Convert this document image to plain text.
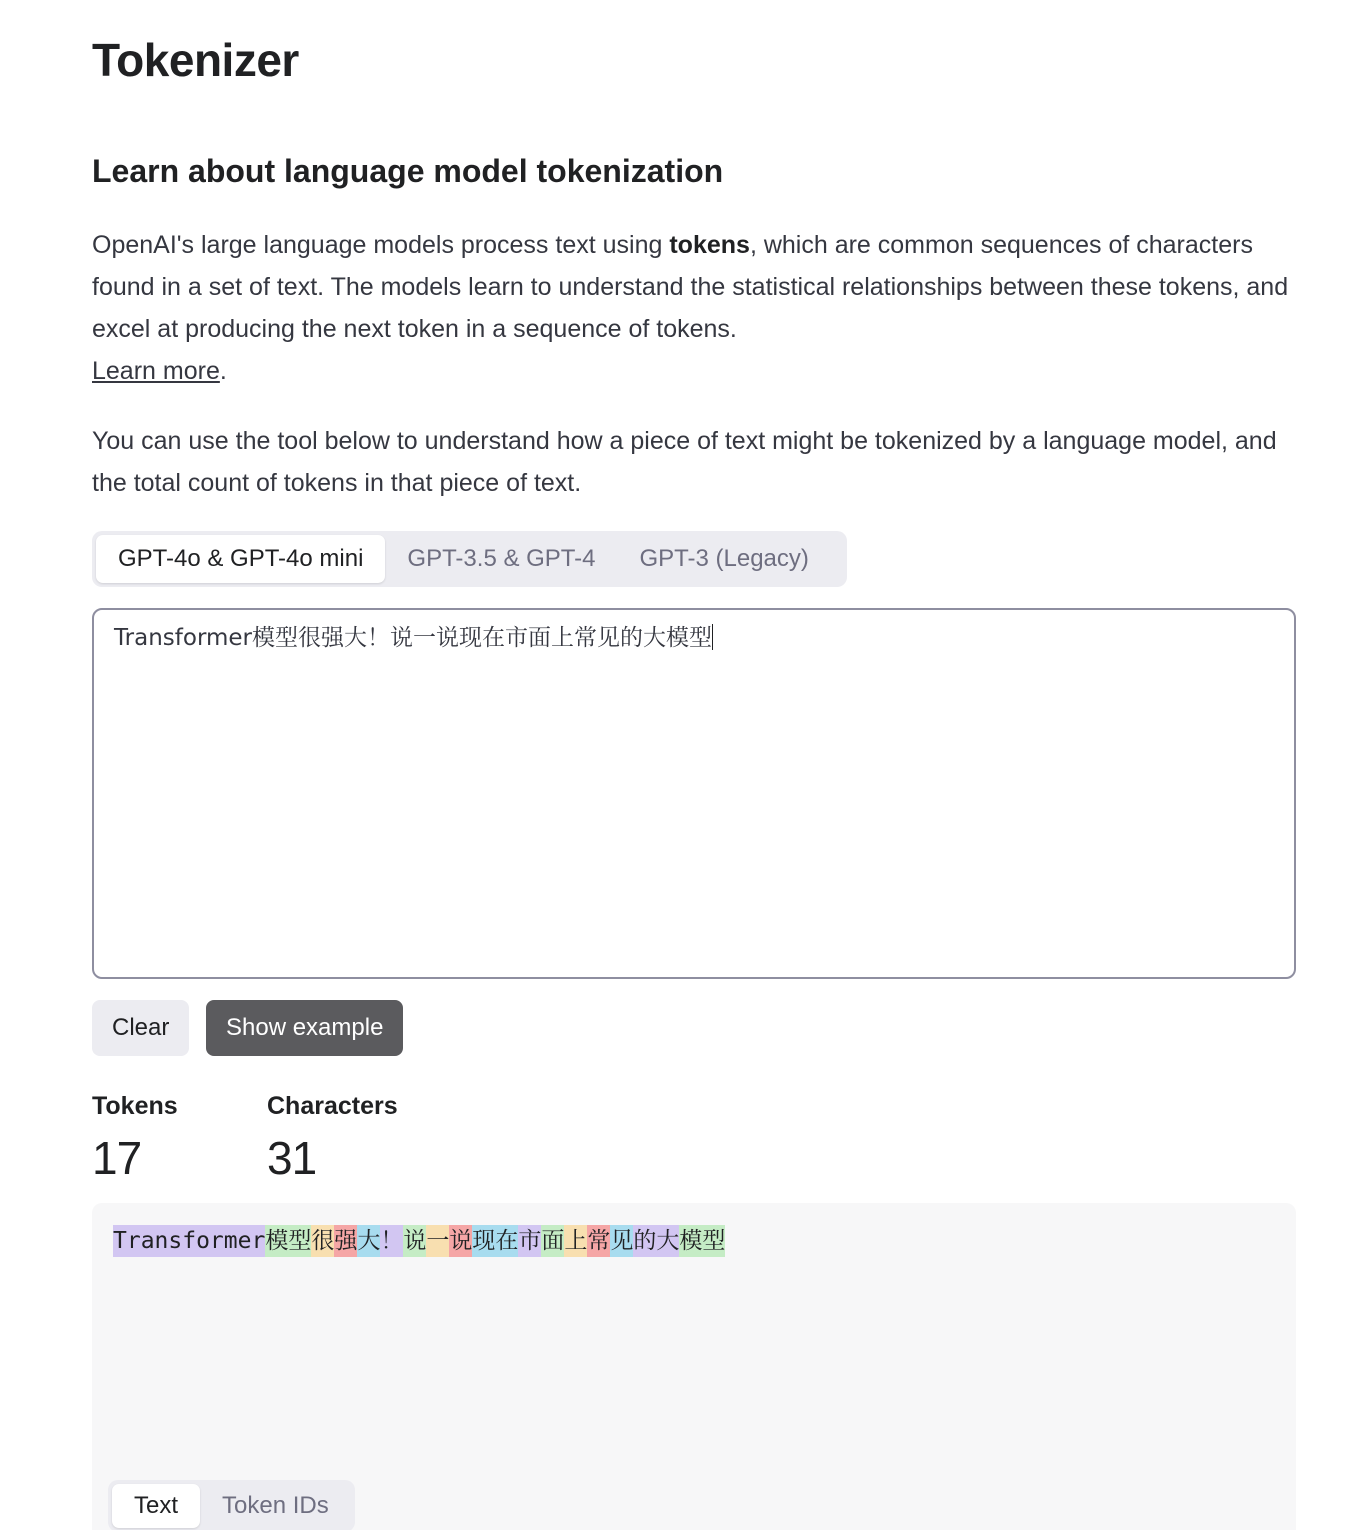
Tokenizer
Learn about language model tokenization

OpenAI's large language models process text using tokens, which are common sequences of characters found in a set of text. The models learn to understand the statistical relationships between these tokens, and excel at producing the next token in a sequence of tokens.
Learn more.

You can use the tool below to understand how a piece of text might be tokenized by a language model, and the total count of tokens in that piece of text.

GPT-4o & GPT-4o mini	GPT-3.5 & GPT-4	GPT-3 (Legacy)
Transformer模型很强大！说一说现在市面上常见的大模型
Clear	Show example
Tokens
17
Characters
31
Transformer模型很强大！说一说现在市面上常见的大模型
Text	Token IDs
